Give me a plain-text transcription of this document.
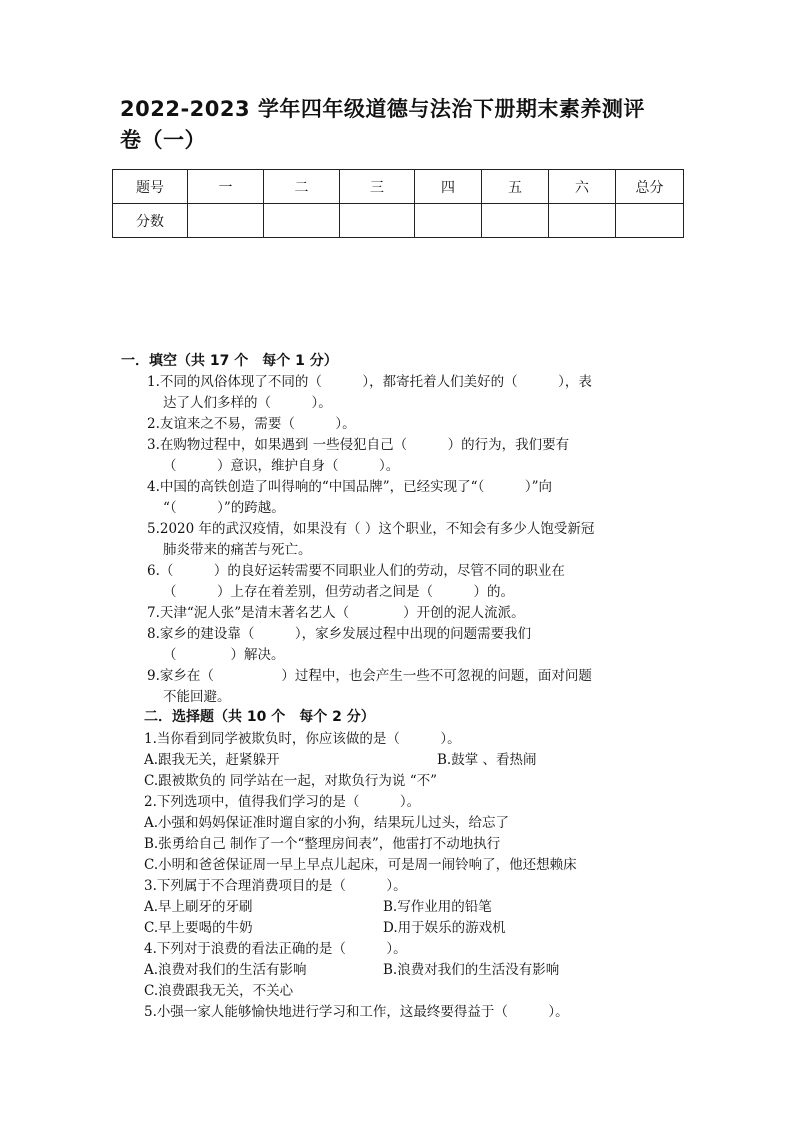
2022-2023 学年四年级道德与法治下册期末素养测评
卷（一）
题号	一	二	三	四	五	六	总分
分数							
一．填空（共 17 个　每个 1 分）
1.不同的风俗体现了不同的（　　　），都寄托着人们美好的（　　　），表
达了人们多样的（　　　）。
2.友谊来之不易，需要（　　　）。
3.在购物过程中，如果遇到 一些侵犯自己（　　　）的行为，我们要有
（　　　）意识，维护自身（　　　）。
4.中国的高铁创造了叫得响的“中国品牌”，已经实现了“（　　　）”向
“（　　　）”的跨越。
5.2020 年的武汉疫情，如果没有（ ）这个职业，不知会有多少人饱受新冠
肺炎带来的痛苦与死亡。
6.（　　　）的良好运转需要不同职业人们的劳动，尽管不同的职业在
（　　　）上存在着差别，但劳动者之间是（　　　）的。
7.天津“泥人张”是清末著名艺人（　　　　）开创的泥人流派。
8.家乡的建设靠（　　　），家乡发展过程中出现的问题需要我们
（　　　　）解决。
9.家乡在（　　　　　）过程中，也会产生一些不可忽视的问题，面对问题
不能回避。
二．选择题（共 10 个　每个 2 分）
1.当你看到同学被欺负时，你应该做的是（　　　）。
A.跟我无关，赶紧躲开	B.鼓掌 、看热闹
C.跟被欺负的 同学站在一起，对欺负行为说 “不”
2.下列选项中，值得我们学习的是（　　　）。
A.小强和妈妈保证准时遛自家的小狗，结果玩儿过头，给忘了
B.张勇给自己 制作了一个“整理房间表”，他雷打不动地执行
C.小明和爸爸保证周一早上早点儿起床，可是周一闹铃响了，他还想赖床
3.下列属于不合理消费项目的是（　　　）。
A.早上刷牙的牙刷	B.写作业用的铅笔
C.早上要喝的牛奶	D.用于娱乐的游戏机
4.下列对于浪费的看法正确的是（　　　）。
A.浪费对我们的生活有影响	B.浪费对我们的生活没有影响
C.浪费跟我无关，不关心
5.小强一家人能够愉快地进行学习和工作，这最终要得益于（　　　）。
